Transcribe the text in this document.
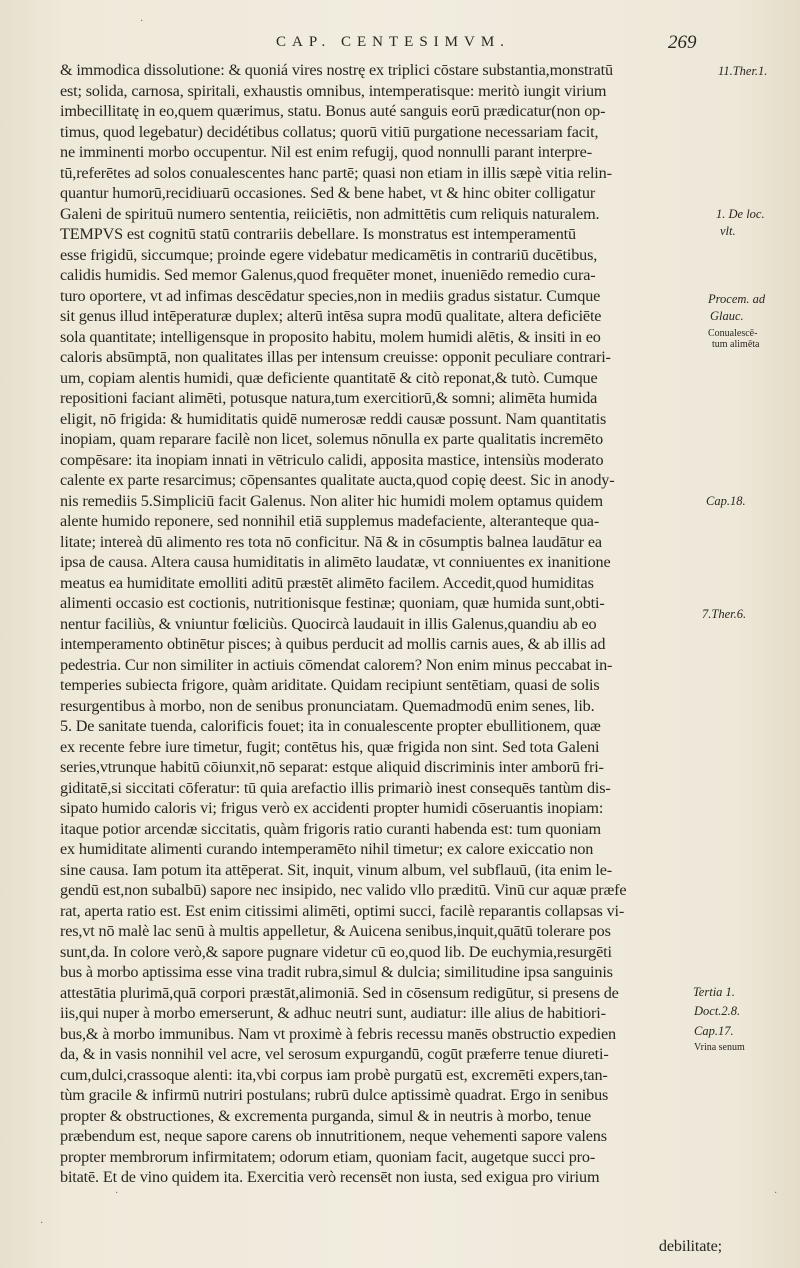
CAP. CENTESIMVM.	269
& immodica dissolutione: & quoniá vires nostrę ex triplici cōstare substantia,monstratū
est; solida, carnosa, spiritali, exhaustis omnibus, intemperatisque: meritò iungit virium
imbecillitatę in eo,quem quærimus, statu. Bonus auté sanguis eorū prædicatur(non op-
timus, quod legebatur) decidétibus collatus; quorū vitiū purgatione necessariam facit,
ne imminenti morbo occupentur. Nil est enim refugij, quod nonnulli parant interpre-
tū,referētes ad solos conualescentes hanc partē; quasi non etiam in illis sæpè vitia relin-
quantur humorū,recidiuarū occasiones. Sed & bene habet, vt & hinc obiter colligatur
Galeni de spirituū numero sententia, reiiciētis, non admittētis cum reliquis naturalem.
TEMPVS est cognitū statū contrariis debellare. Is monstratus est intemperamentū
esse frigidū, siccumque; proinde egere videbatur medicamētis in contrariū ducētibus,
calidis humidis. Sed memor Galenus,quod frequēter monet, inueniēdo remedio cura-
turo oportere, vt ad infimas descēdatur species,non in mediis gradus sistatur. Cumque
sit genus illud intēperaturæ duplex; alterū intēsa supra modū qualitate, altera deficiēte
sola quantitate; intelligensque in proposito habitu, molem humidi alētis, & insiti in eo
caloris absūmptā, non qualitates illas per intensum creuisse: opponit peculiare contrari-
um, copiam alentis humidi, quæ deficiente quantitatē & citò reponat,& tutò. Cumque
repositioni faciant alimēti, potusque natura,tum exercitiorū,& somni; alimēta humida
eligit, nō frigida: & humiditatis quidē numerosæ reddi causæ possunt. Nam quantitatis
inopiam, quam reparare facilè non licet, solemus nōnulla ex parte qualitatis incremēto
compēsare: ita inopiam innati in vētriculo calidi, apposita mastice, intensiùs moderato
calente ex parte resarcimus; cōpensantes qualitate aucta,quod copię deest. Sic in anody-
nis remediis 5.Simpliciū facit Galenus. Non aliter hic humidi molem optamus quidem
alente humido reponere, sed nonnihil etiā supplemus madefaciente, alteranteque qua-
litate; intereà dū alimento res tota nō conficitur. Nā & in cōsumptis balnea laudātur ea
ipsa de causa. Altera causa humiditatis in alimēto laudatæ, vt conniuentes ex inanitione
meatus ea humiditate emolliti aditū præstēt alimēto facilem. Accedit,quod humiditas
alimenti occasio est coctionis, nutritionisque festinæ; quoniam, quæ humida sunt,obti-
nentur faciliùs, & vniuntur fœliciùs. Quocircà laudauit in illis Galenus,quandiu ab eo
intemperamento obtinētur pisces; à quibus perducit ad mollis carnis aues, & ab illis ad
pedestria. Cur non similiter in actiuis cōmendat calorem? Non enim minus peccabat in-
temperies subiecta frigore, quàm ariditate. Quidam recipiunt sentētiam, quasi de solis
resurgentibus à morbo, non de senibus pronunciatam. Quemadmodū enim senes, lib.
5. De sanitate tuenda, calorificis fouet; ita in conualescente propter ebullitionem, quæ
ex recente febre iure timetur, fugit; contētus his, quæ frigida non sint. Sed tota Galeni
series,vtrunque habitū cōiunxit,nō separat: estque aliquid discriminis inter amborū fri-
giditatē,si siccitati cōferatur: tū quia arefactio illis primariò inest consequēs tantùm dis-
sipato humido caloris vi; frigus verò ex accidenti propter humidi cōseruantis inopiam:
itaque potior arcendæ siccitatis, quàm frigoris ratio curanti habenda est: tum quoniam
ex humiditate alimenti curando intemperamēto nihil timetur; ex calore exiccatio non
sine causa. Iam potum ita attēperat. Sit, inquit, vinum album, vel subflauū, (ita enim le-
gendū est,non subalbū) sapore nec insipido, nec valido vllo præditū. Vinū cur aquæ præfe
rat, aperta ratio est. Est enim citissimi alimēti, optimi succi, facilè reparantis collapsas vi-
res,vt nō malè lac senū à multis appelletur, & Auicena senibus,inquit,quātū tolerare pos
sunt,da. In colore verò,& sapore pugnare videtur cū eo,quod lib. De euchymia,resurgēti
bus à morbo aptissima esse vina tradit rubra,simul & dulcia; similitudine ipsa sanguinis
attestātia plurimā,quā corpori præstāt,alimoniā. Sed in cōsensum redigūtur, si presens de
iis,qui nuper à morbo emerserunt, & adhuc neutri sunt, audiatur: ille alius de habitiori-
bus,& à morbo immunibus. Nam vt proximè à febris recessu manēs obstructio expedien
da, & in vasis nonnihil vel acre, vel serosum expurgandū, cogūt præferre tenue diureti-
cum,dulci,crassoque alenti: ita,vbi corpus iam probè purgatū est, excremēti expers,tan-
tùm gracile & infirmū nutriri postulans; rubrū dulce aptissimè quadrat. Ergo in senibus
propter & obstructiones, & excrementa purganda, simul & in neutris à morbo, tenue
præbendum est, neque sapore carens ob innutritionem, neque vehementi sapore valens
propter membrorum infirmitatem; odorum etiam, quoniam facit, augetque succi pro-
bitatē. Et de vino quidem ita. Exercitia verò recensēt non iusta, sed exigua pro virium
11.Ther.1.
1. De loc.
vlt.
Procem. ad
Glauc.
Conualescē-
tum alimēta
Cap.18.
7.Ther.6.
Tertia 1.
Doct.2.8.
Cap.17.
Vrina senum
debilitate;
·
·
·	·
